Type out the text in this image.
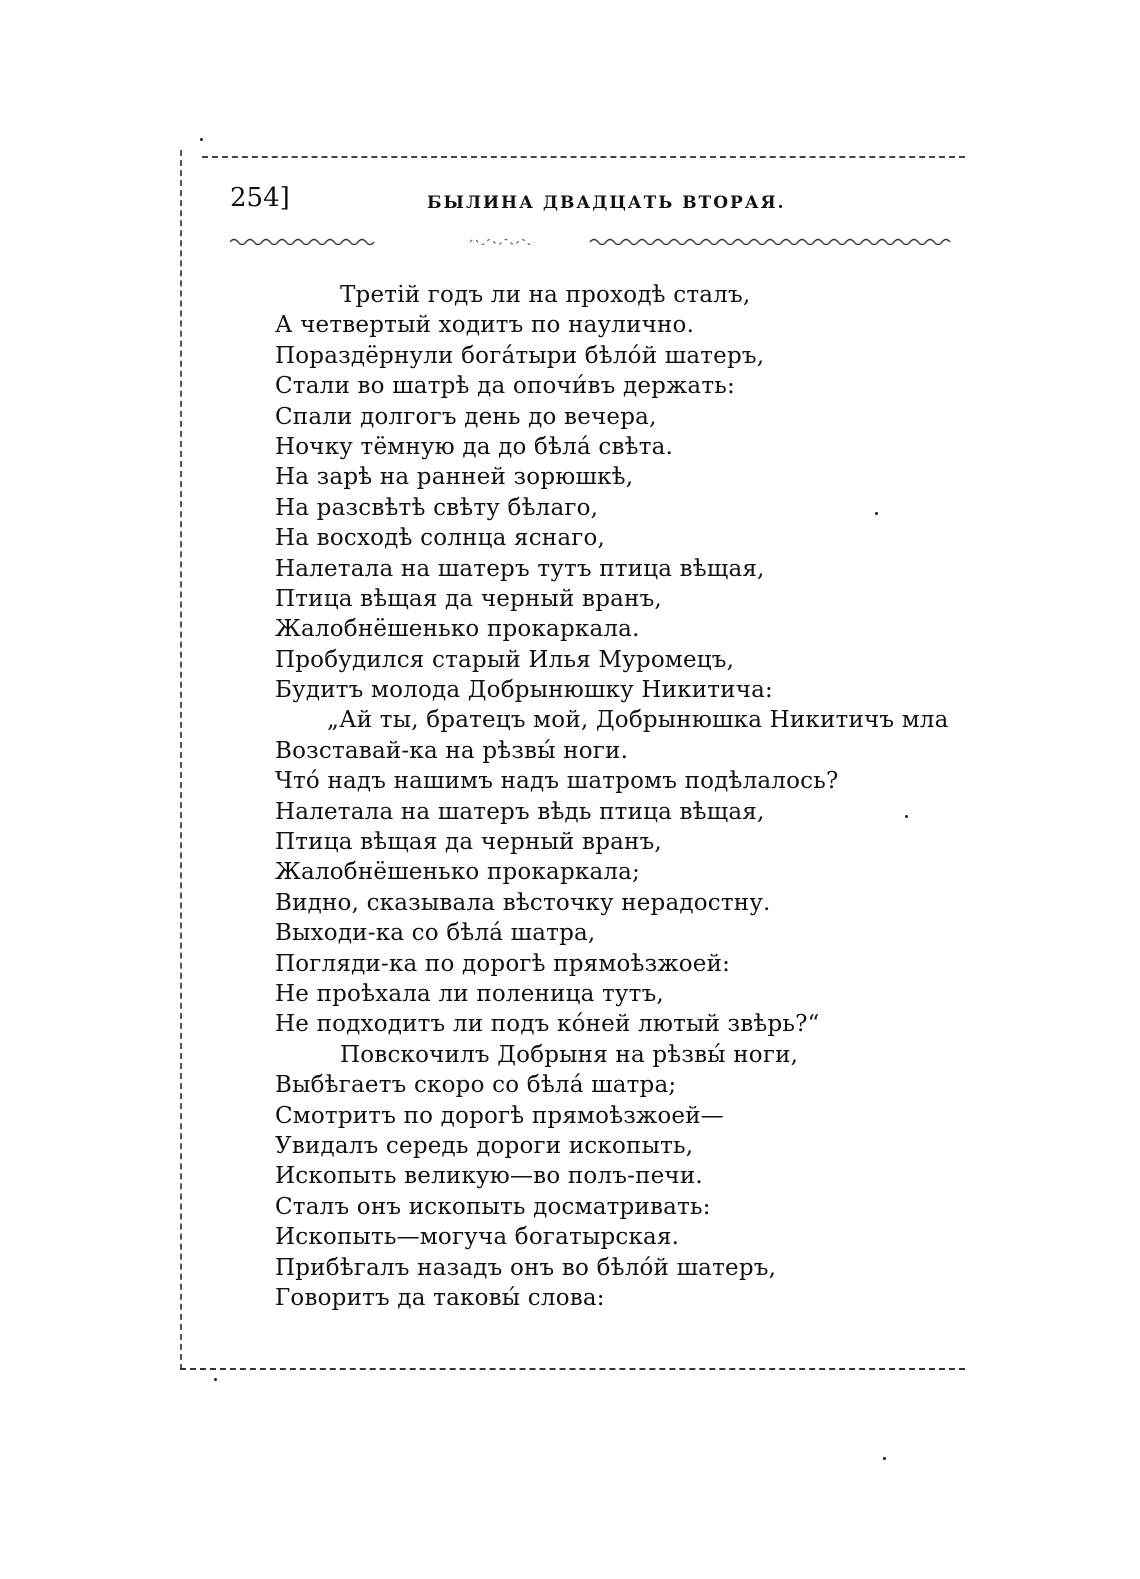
254]	БЫЛИНА ДВАДЦАТЬ ВТОРАЯ.
Третій годъ ли на проходѣ сталъ,
А четвертый ходитъ по наулично.
Пораздёрнули богáтыри бѣлóй шатеръ,
Стали во шатрѣ да опочи́въ держать:
Спали долгогъ день до вечера,
Ночку тёмную да до бѣлá свѣта.
На зарѣ на ранней зорюшкѣ,
На разсвѣтѣ свѣту бѣлаго,
На восходѣ солнца яснаго,
Налетала на шатеръ тутъ птица вѣщая,
Птица вѣщая да черный вранъ,
Жалобнёшенько прокаркала.
Пробудился старый Илья Муромецъ,
Будитъ молода Добрынюшку Никитича:
„Ай ты, братецъ мой, Добрынюшка Никитичъ мла
Возставай-ка на рѣзвы́ ноги.
Чтó надъ нашимъ надъ шатромъ подѣлалось?
Налетала на шатеръ вѣдь птица вѣщая,
Птица вѣщая да черный вранъ,
Жалобнёшенько прокаркала;
Видно, сказывала вѣсточку нерадостну.
Выходи-ка со бѣлá шатра,
Погляди-ка по дорогѣ прямоѣзжоей:
Не проѣхала ли поленица тутъ,
Не подходитъ ли подъ кóней лютый звѣрь?“
Повскочилъ Добрыня на рѣзвы́ ноги,
Выбѣгаетъ скоро со бѣлá шатра;
Смотритъ по дорогѣ прямоѣзжоей—
Увидалъ середь дороги ископыть,
Ископыть великую—во полъ-печи.
Сталъ онъ ископыть досматривать:
Ископыть—могуча богатырская.
Прибѣгалъ назадъ онъ во бѣлóй шатеръ,
Говоритъ да таковы́ слова:
